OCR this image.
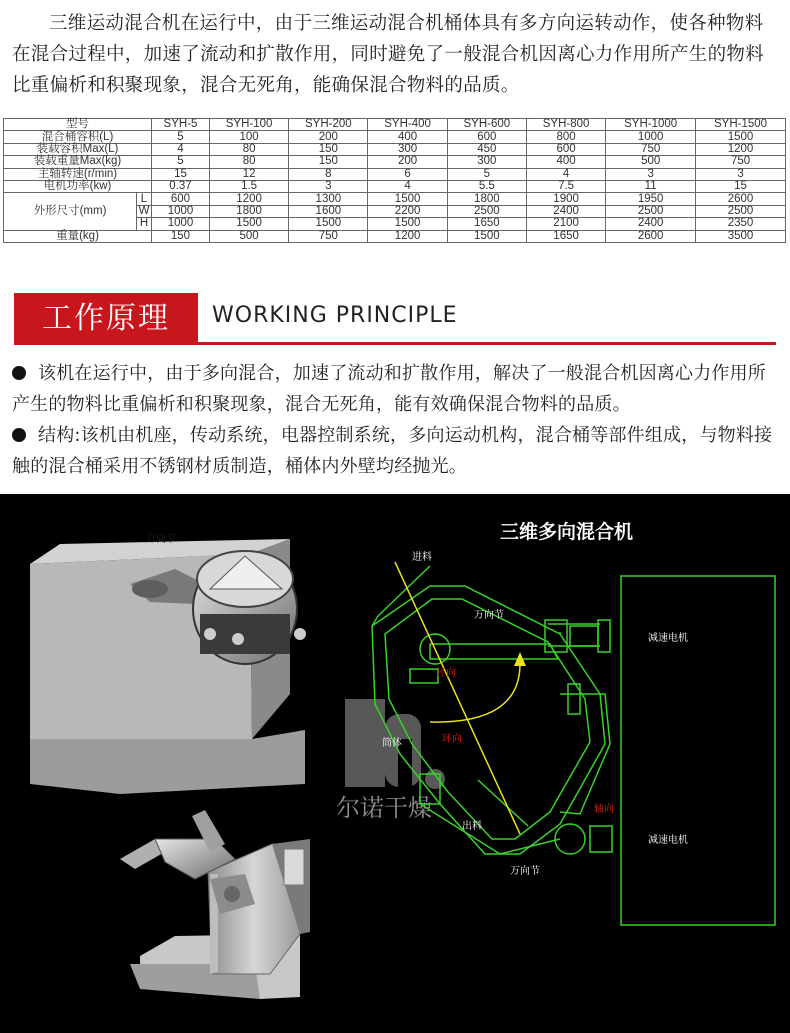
三维运动混合机在运行中，由于三维运动混合机桶体具有多方向运转动作，使各种物料在混合过程中，加速了流动和扩散作用，同时避免了一般混合机因离心力作用所产生的物料比重偏析和积聚现象，混合无死角，能确保混合物料的品质。
型号		SYH-5	SYH-100	SYH-200	SYH-400	SYH-600	SYH-800	SYH-1000	SYH-1500
混合桶容积(L)		5	100	200	400	600	800	1000	1500
装载容积Max(L)		4	80	150	300	450	600	750	1200
装载重量Max(kg)		5	80	150	200	300	400	500	750
主轴转速(r/min)		15	12	8	6	5	4	3	3
电机功率(kw)		0.37	1.5	3	4	5.5	7.5	11	15
外形尺寸(mm)	L	600	1200	1300	1500	1800	1900	1950	2600
	W	1000	1800	1600	2200	2500	2400	2500	2500
	H	1000	1500	1500	1500	1650	2100	2400	2350
重量(kg)		150	500	750	1200	1500	1650	2600	3500
工作原理	WORKING PRINCIPLE

该机在运行中，由于多向混合，加速了流动和扩散作用，解决了一般混合机因离心力作用所产生的物料比重偏析和积聚现象，混合无死角，能有效确保混合物料的品质。

结构:该机由机座，传动系统，电器控制系统，多向运动机构，混合桶等部件组成，与物料接触的混合桶采用不锈钢材质制造，桶体内外壁均经抛光。

万向节
尔诺干燥
三维多向混合机
进料
万向节
径向
筒体	环向
出料
轴向
万向节
减速电机
减速电机
